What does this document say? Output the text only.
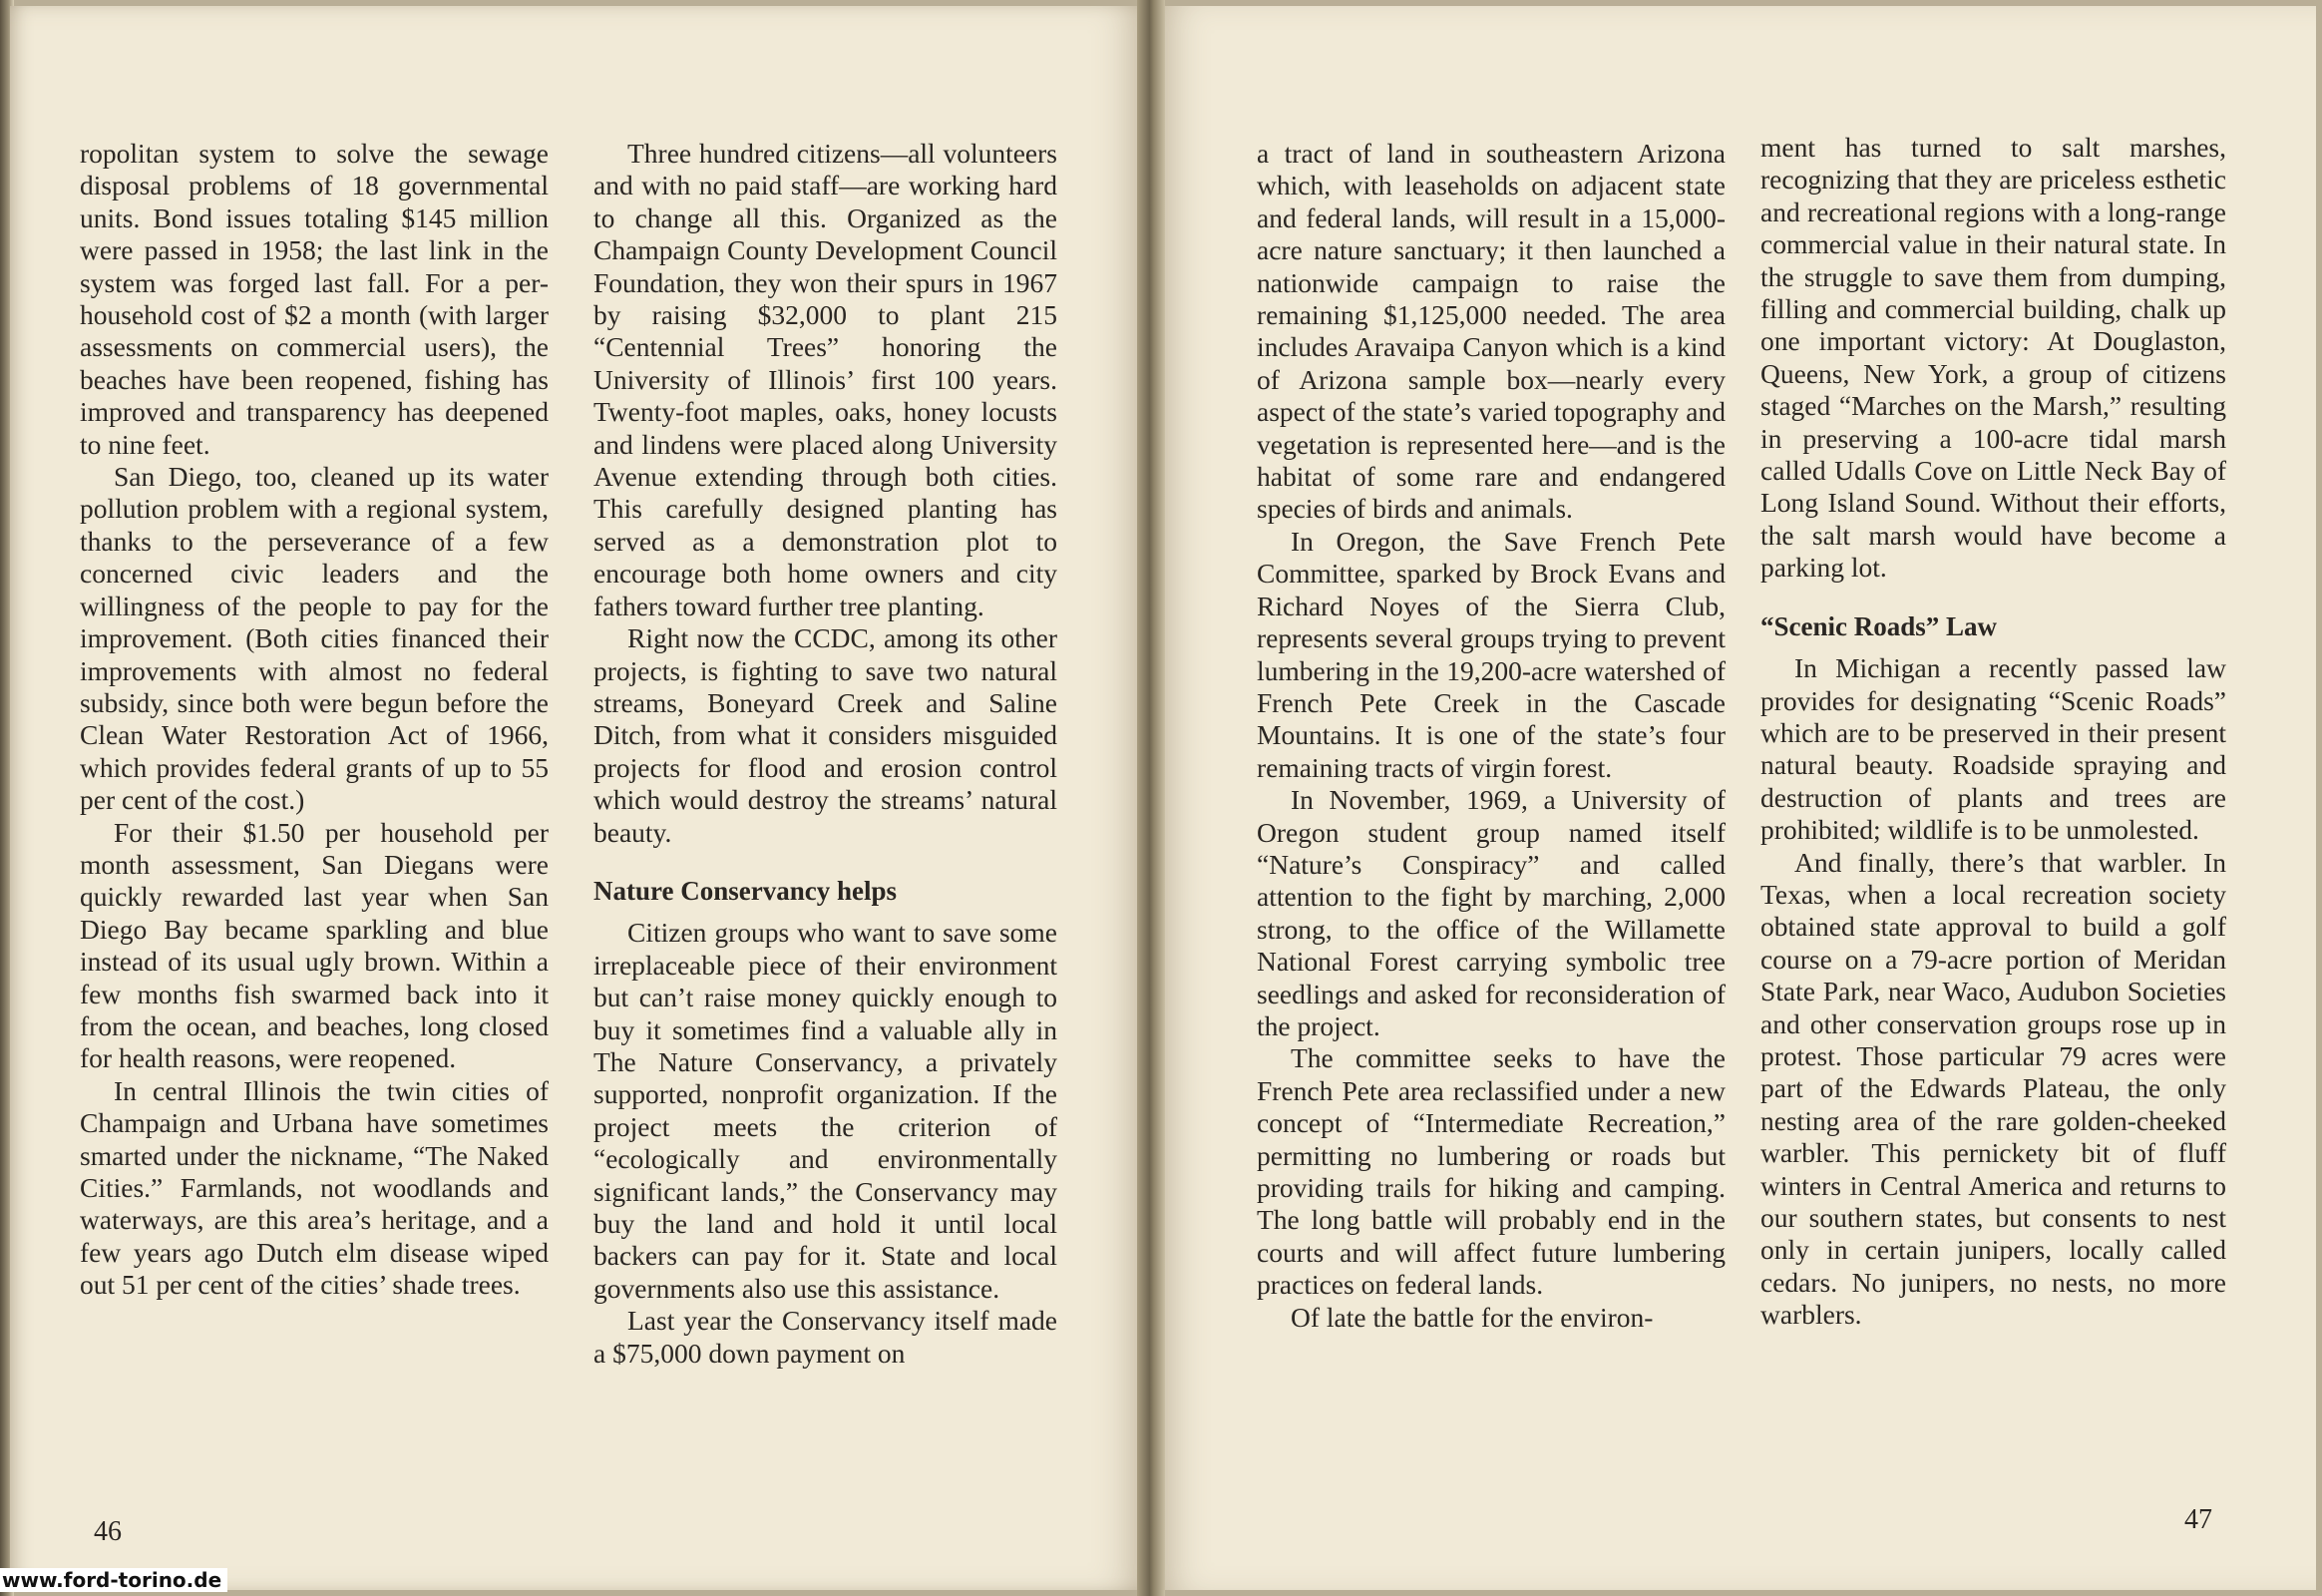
ropolitan system to solve the sewage disposal problems of 18 governmental units. Bond issues totaling $145 million were passed in 1958; the last link in the system was forged last fall. For a per-household cost of $2 a month (with larger assessments on commercial users), the beaches have been reopened, fishing has improved and transparency has deepened to nine feet.

San Diego, too, cleaned up its water pollution problem with a regional system, thanks to the perseverance of a few concerned civic leaders and the willingness of the people to pay for the improvement. (Both cities financed their improvements with almost no federal subsidy, since both were begun before the Clean Water Restoration Act of 1966, which provides federal grants of up to 55 per cent of the cost.)

For their $1.50 per household per month assessment, San Diegans were quickly rewarded last year when San Diego Bay became sparkling and blue instead of its usual ugly brown. Within a few months fish swarmed back into it from the ocean, and beaches, long closed for health reasons, were reopened.

In central Illinois the twin cities of Champaign and Urbana have sometimes smarted under the nickname, “The Naked Cities.” Farmlands, not woodlands and waterways, are this area’s heritage, and a few years ago Dutch elm disease wiped out 51 per cent of the cities’ shade trees.

Three hundred citizens—all volunteers and with no paid staff—are working hard to change all this. Organized as the Champaign County Development Council Foundation, they won their spurs in 1967 by raising $32,000 to plant 215 “Centennial Trees” honoring the University of Illinois’ first 100 years. Twenty-foot maples, oaks, honey locusts and lindens were placed along University Avenue extending through both cities. This carefully designed planting has served as a demonstration plot to encourage both home owners and city fathers toward further tree planting.

Right now the CCDC, among its other projects, is fighting to save two natural streams, Boneyard Creek and Saline Ditch, from what it considers misguided projects for flood and erosion control which would destroy the streams’ natural beauty.

Nature Conservancy helps

Citizen groups who want to save some irreplaceable piece of their environment but can’t raise money quickly enough to buy it sometimes find a valuable ally in The Nature Conservancy, a privately supported, nonprofit organization. If the project meets the criterion of “ecologically and environmentally significant lands,” the Conservancy may buy the land and hold it until local backers can pay for it. State and local governments also use this assistance.

Last year the Conservancy itself made a $75,000 down payment on

a tract of land in southeastern Arizona which, with leaseholds on adjacent state and federal lands, will result in a 15,000-acre nature sanctuary; it then launched a nationwide campaign to raise the remaining $1,125,000 needed. The area includes Aravaipa Canyon which is a kind of Arizona sample box—nearly every aspect of the state’s varied topography and vegetation is represented here—and is the habitat of some rare and endangered species of birds and animals.

In Oregon, the Save French Pete Committee, sparked by Brock Evans and Richard Noyes of the Sierra Club, represents several groups trying to prevent lumbering in the 19,200-acre watershed of French Pete Creek in the Cascade Mountains. It is one of the state’s four remaining tracts of virgin forest.

In November, 1969, a University of Oregon student group named itself “Nature’s Conspiracy” and called attention to the fight by marching, 2,000 strong, to the office of the Willamette National Forest carrying symbolic tree seedlings and asked for reconsideration of the project.

The committee seeks to have the French Pete area reclassified under a new concept of “Intermediate Recreation,” permitting no lumbering or roads but providing trails for hiking and camping. The long battle will probably end in the courts and will affect future lumbering practices on federal lands.

Of late the battle for the environ-

ment has turned to salt marshes, recognizing that they are priceless esthetic and recreational regions with a long-range commercial value in their natural state. In the struggle to save them from dumping, filling and commercial building, chalk up one important victory: At Douglaston, Queens, New York, a group of citizens staged “Marches on the Marsh,” resulting in preserving a 100-acre tidal marsh called Udalls Cove on Little Neck Bay of Long Island Sound. Without their efforts, the salt marsh would have become a parking lot.

“Scenic Roads” Law

In Michigan a recently passed law provides for designating “Scenic Roads” which are to be preserved in their present natural beauty. Roadside spraying and destruction of plants and trees are prohibited; wildlife is to be unmolested.

And finally, there’s that warbler. In Texas, when a local recreation society obtained state approval to build a golf course on a 79-acre portion of Meridan State Park, near Waco, Audubon Societies and other conservation groups rose up in protest. Those particular 79 acres were part of the Edwards Plateau, the only nesting area of the rare golden-cheeked warbler. This pernickety bit of fluff winters in Central America and returns to our southern states, but consents to nest only in certain junipers, locally called cedars. No junipers, no nests, no more warblers.

46	47
www.ford-torino.de
